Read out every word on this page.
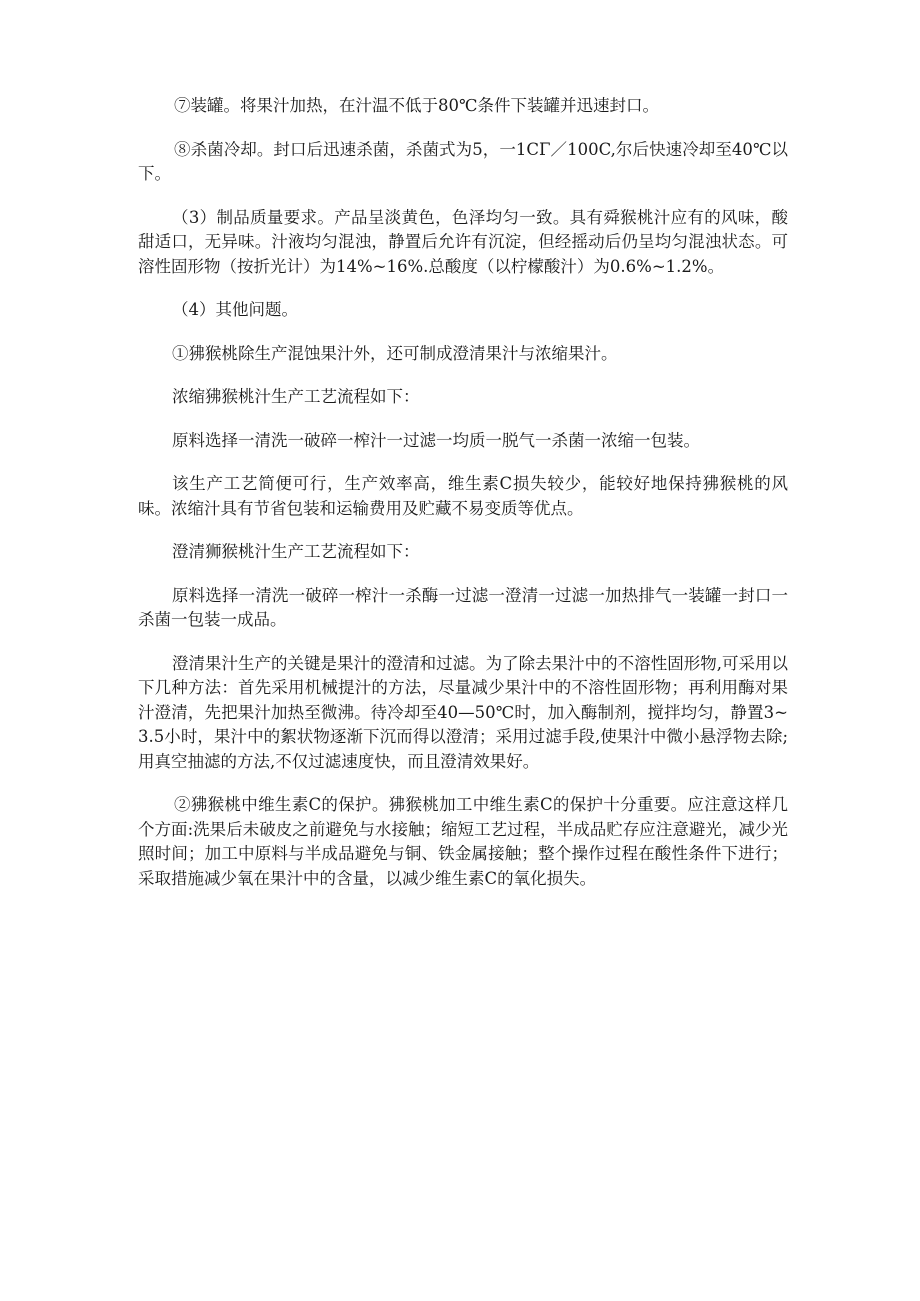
⑦装罐。将果汁加热，在汁温不低于80℃条件下装罐并迅速封口。

⑧杀菌冷却。封口后迅速杀菌，杀菌式为5，一1CΓ／100C,尔后快速冷却至40℃以下。

（3）制品质量要求。产品呈淡黄色，色泽均匀一致。具有舜猴桃汁应有的风味，酸甜适口，无异味。汁液均匀混浊，静置后允许有沉淀，但经摇动后仍呈均匀混浊状态。可溶性固形物（按折光计）为14%~16%.总酸度（以柠檬酸汁）为0.6%~1.2%。

（4）其他问题。

①狒猴桃除生产混蚀果汁外，还可制成澄清果汁与浓缩果汁。

浓缩狒猴桃汁生产工艺流程如下：

原料选择一清洗一破碎一榨汁一过滤一均质一脱气一杀菌一浓缩一包装。

该生产工艺简便可行，生产效率高，维生素C损失较少，能较好地保持狒猴桃的风味。浓缩汁具有节省包装和运输费用及贮藏不易变质等优点。

澄清狮猴桃汁生产工艺流程如下：

原料选择一清洗一破碎一榨汁一杀酶一过滤一澄清一过滤一加热排气一装罐一封口一杀菌一包装一成品。

澄清果汁生产的关键是果汁的澄清和过滤。为了除去果汁中的不溶性固形物,可采用以下几种方法：首先采用机械提汁的方法，尽量减少果汁中的不溶性固形物；再利用酶对果汁澄清，先把果汁加热至微沸。待冷却至40—50℃时，加入酶制剂，搅拌均匀，静置3~3.5小时，果汁中的絮状物逐渐下沉而得以澄清；采用过滤手段,使果汁中微小悬浮物去除;用真空抽滤的方法,不仅过滤速度快，而且澄清效果好。

②狒猴桃中维生素C的保护。狒猴桃加工中维生素C的保护十分重要。应注意这样几个方面:洗果后未破皮之前避免与水接触；缩短工艺过程，半成品贮存应注意避光，减少光照时间；加工中原料与半成品避免与铜、铁金属接触；整个操作过程在酸性条件下进行；采取措施减少氧在果汁中的含量，以减少维生素C的氧化损失。
